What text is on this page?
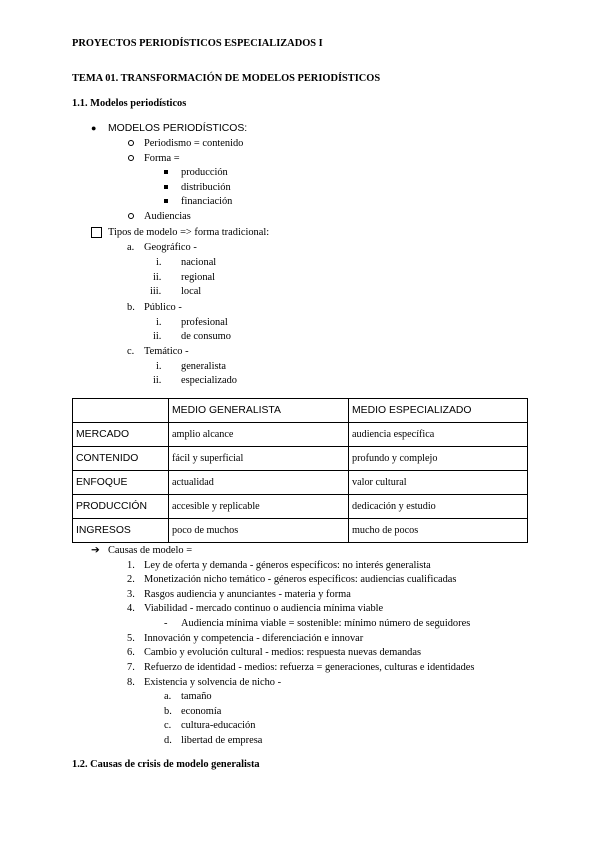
PROYECTOS PERIODÍSTICOS ESPECIALIZADOS I
TEMA 01. TRANSFORMACIÓN DE MODELOS PERIODÍSTICOS
1.1. Modelos periodísticos
● MODELOS PERIODÍSTICOS:
Periodismo = contenido
Forma =
producción
distribución
financiación
Audiencias
Tipos de modelo => forma tradicional:
a. Geográfico -
i. nacional
ii. regional
iii. local
b. Público -
i. profesional
ii. de consumo
c. Temático -
i. generalista
ii. especializado
	MEDIO GENERALISTA	MEDIO ESPECIALIZADO
MERCADO	amplio alcance	audiencia específica
CONTENIDO	fácil y superficial	profundo y complejo
ENFOQUE	actualidad	valor cultural
PRODUCCIÓN	accesible y replicable	dedicación y estudio
INGRESOS	poco de muchos	mucho de pocos
➔ Causas de modelo =
1. Ley de oferta y demanda - géneros específicos: no interés generalista
2. Monetización nicho temático - géneros específicos: audiencias cualificadas
3. Rasgos audiencia y anunciantes - materia y forma
4. Viabilidad - mercado continuo o audiencia mínima viable
- Audiencia mínima viable = sostenible: mínimo número de seguidores
5. Innovación y competencia - diferenciación e innovar
6. Cambio y evolución cultural - medios: respuesta nuevas demandas
7. Refuerzo de identidad - medios: refuerza = generaciones, culturas e identidades
8. Existencia y solvencia de nicho -
a. tamaño
b. economía
c. cultura-educación
d. libertad de empresa
1.2. Causas de crisis de modelo generalista
